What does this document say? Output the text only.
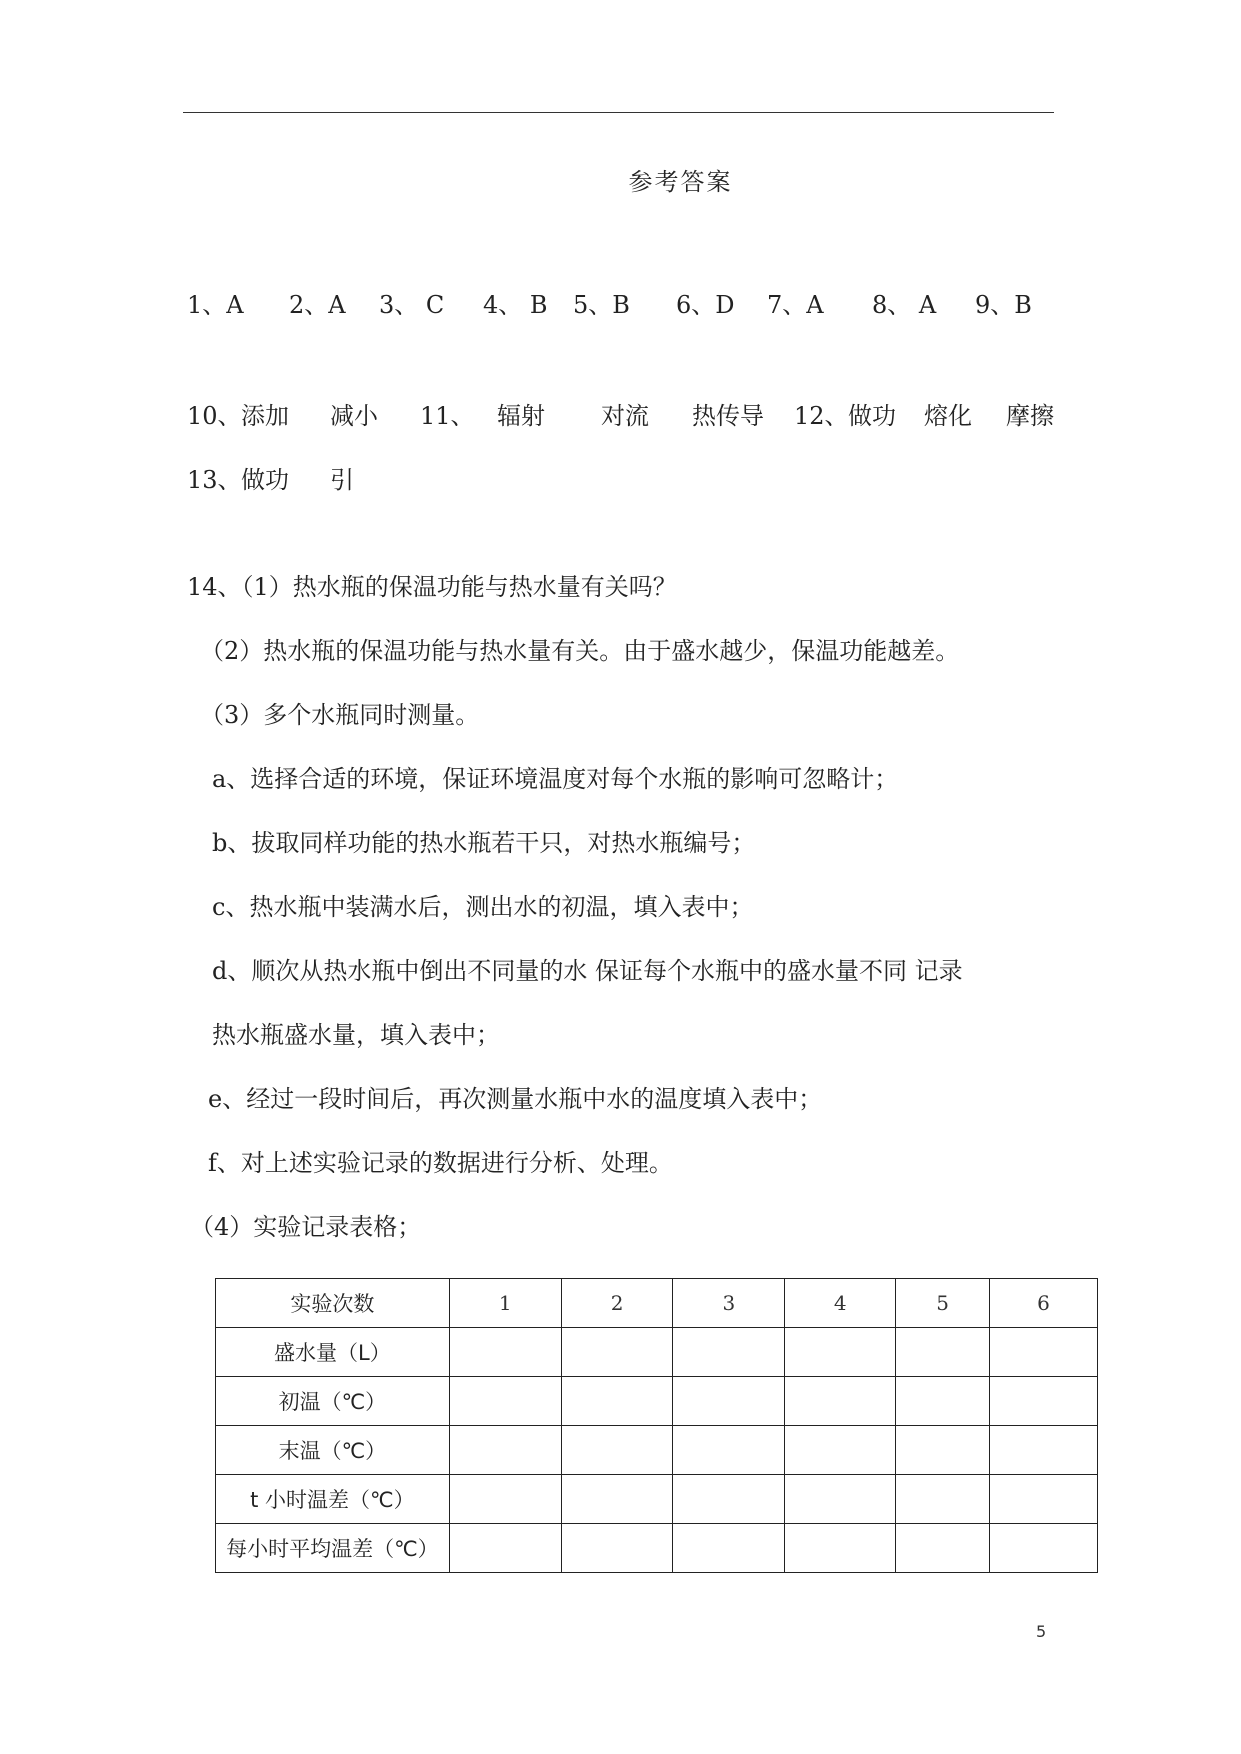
参考答案
1、A 2、A 3、 C 4、 B 5、B 6、D 7、A 8、 A 9、B
10、 添加 减小 11、 辐射 对流 热传导 12、 做功 熔化 摩擦
13、 做功 引
14、（1）热水瓶的保温功能与热水量有关吗？
（2）热水瓶的保温功能与热水量有关。由于盛水越少，保温功能越差。
（3）多个水瓶同时测量。
a、选择合适的环境，保证环境温度对每个水瓶的影响可忽略计；
b、拔取同样功能的热水瓶若干只，对热水瓶编号；
c、热水瓶中装满水后，测出水的初温，填入表中；
d、顺次从热水瓶中倒出不同量的水 保证每个水瓶中的盛水量不同 记录
热水瓶盛水量，填入表中；
e、经过一段时间后，再次测量水瓶中水的温度填入表中；
f、对上述实验记录的数据进行分析、处理。
（4）实验记录表格；
实验次数	1	2	3	4	5	6
盛水量（L）						
初温（℃）						
末温（℃）						
t 小时温差（℃）						
每小时平均温差（℃）						
5
